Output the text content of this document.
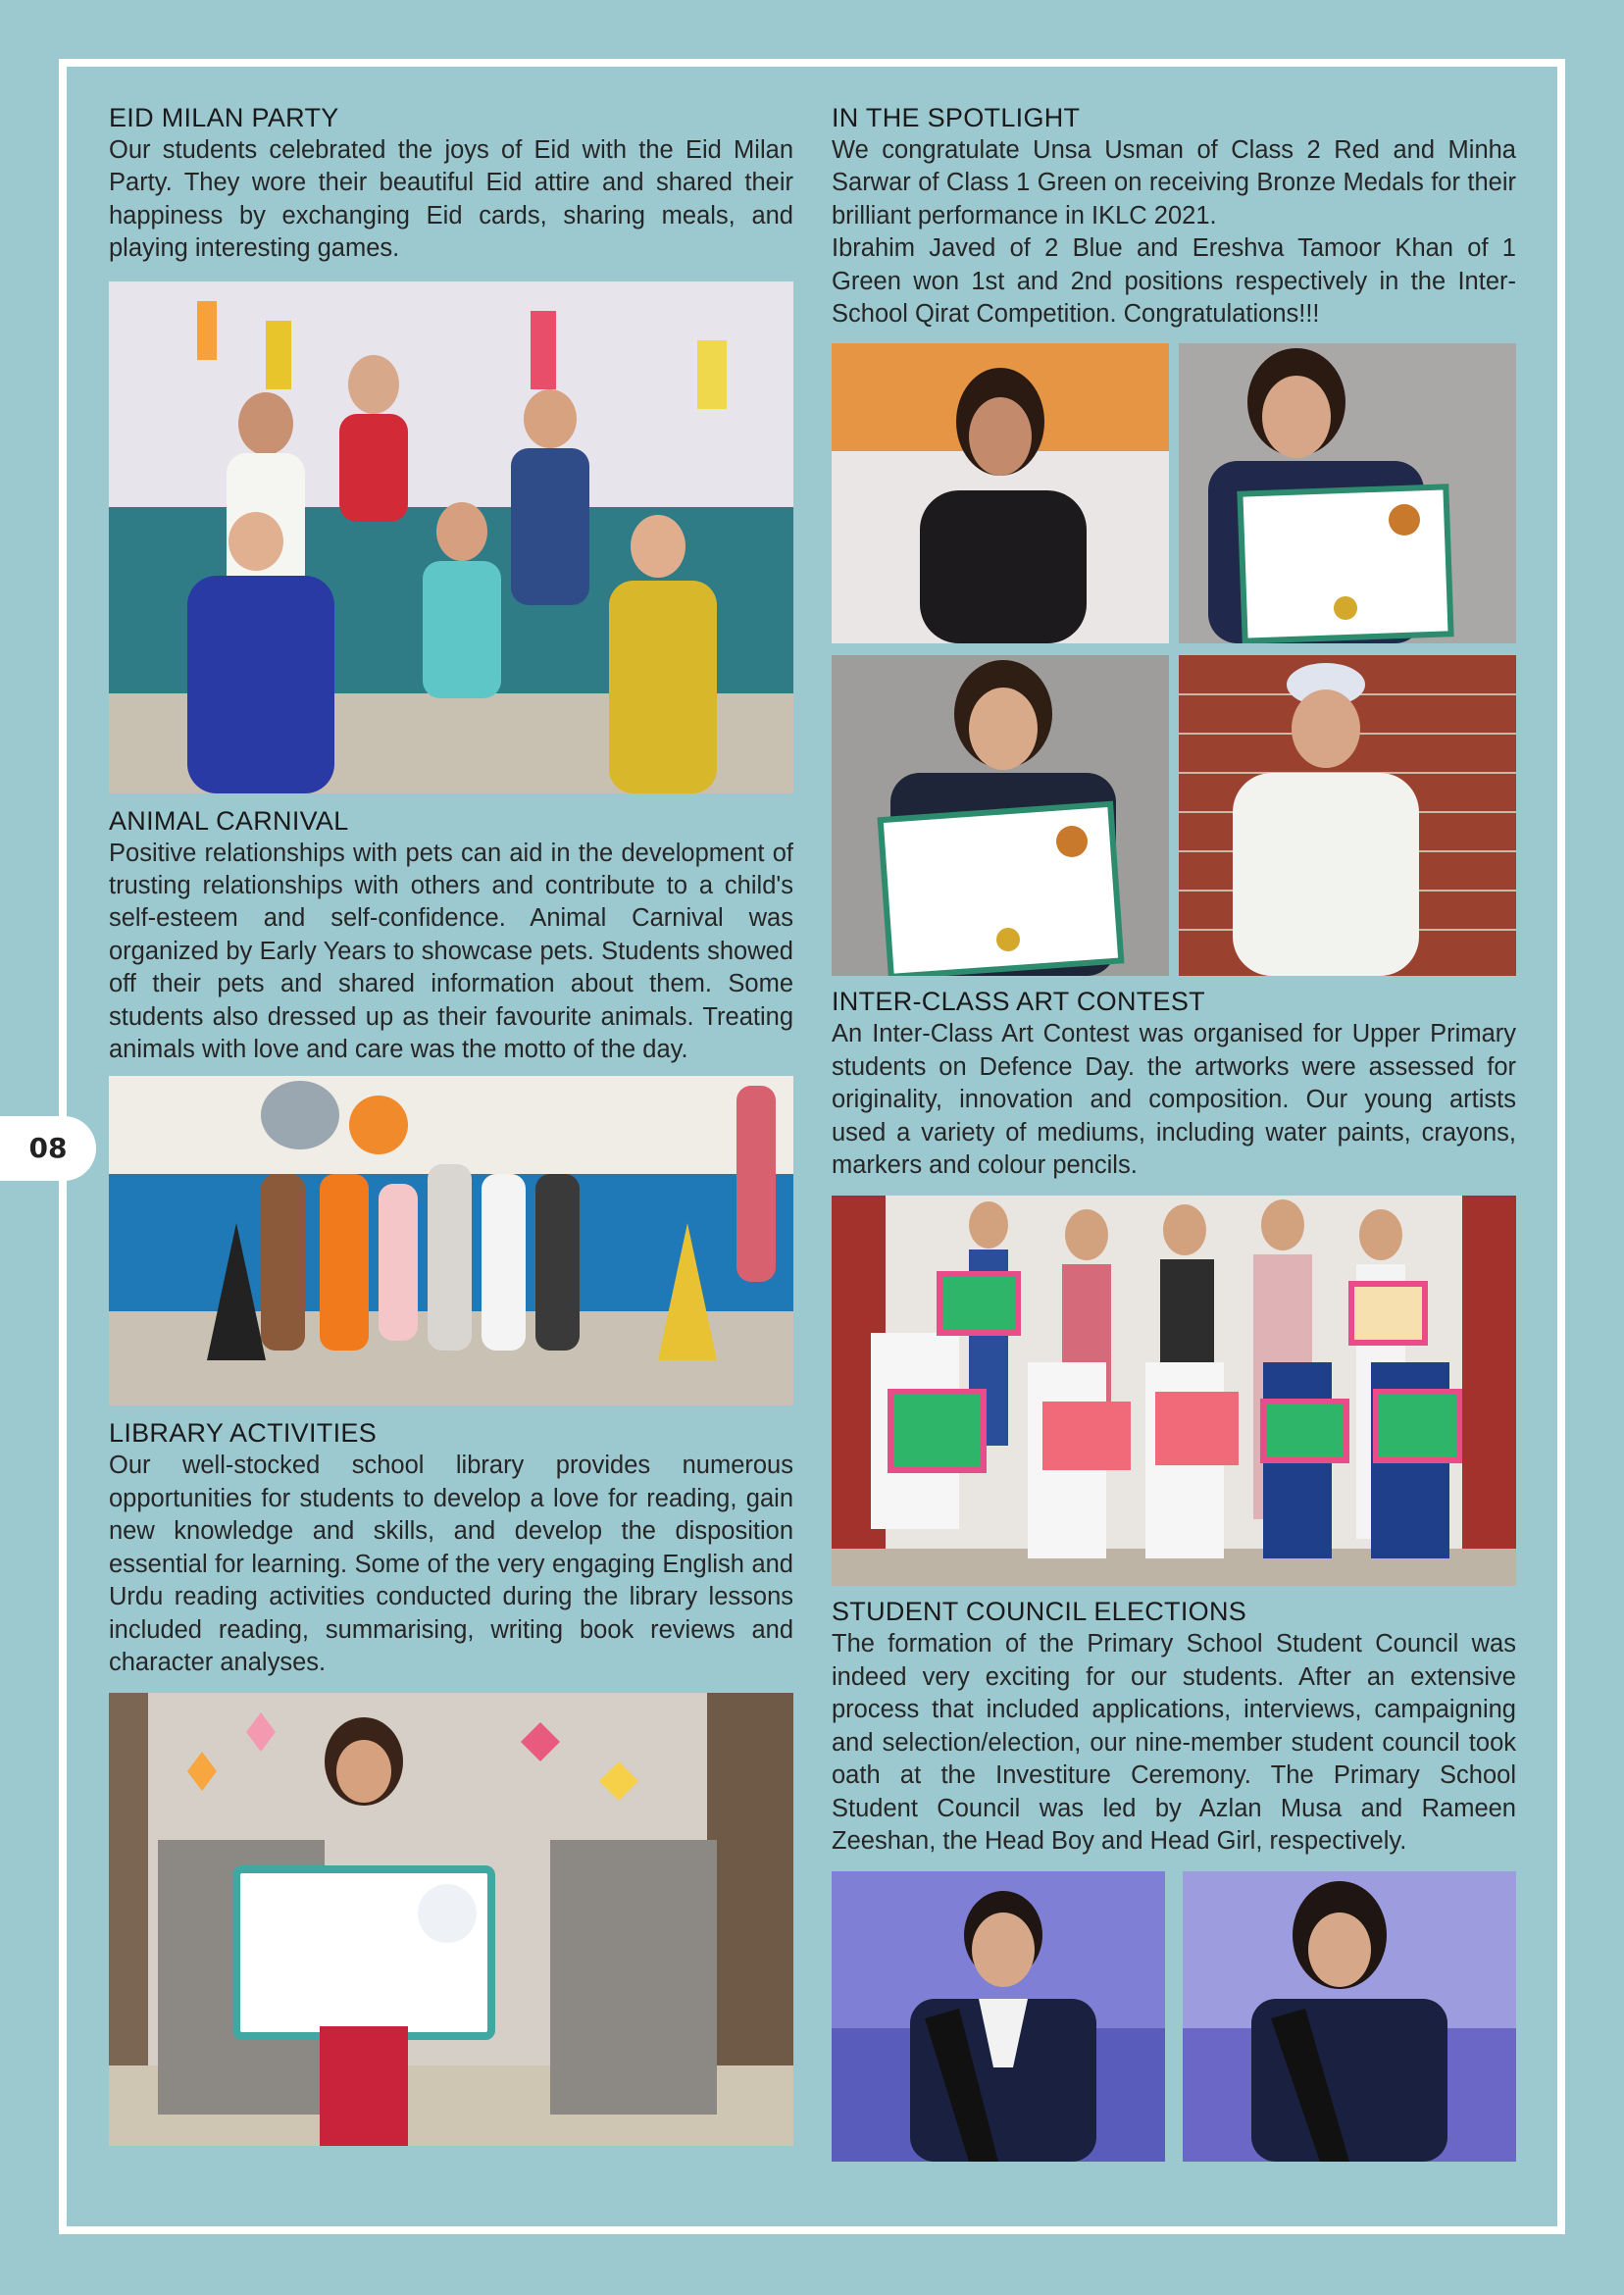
08
EID MILAN PARTY

Our students celebrated the joys of Eid with the Eid Milan Party. They wore their beautiful Eid attire and shared their happiness by exchanging Eid cards, sharing meals, and playing interesting games.

ANIMAL CARNIVAL

Positive relationships with pets can aid in the development of trusting relationships with others and contribute to a child's self-esteem and self-confidence. Animal Carnival was organized by Early Years to showcase pets. Students showed off their pets and shared information about them. Some students also dressed up as their favourite animals. Treating animals with love and care was the motto of the day.

LIBRARY ACTIVITIES

Our well-stocked school library provides numerous opportunities for students to develop a love for reading, gain new knowledge and skills, and develop the disposition essential for learning. Some of the very engaging English and Urdu reading activities conducted during the library lessons included reading, summarising, writing book reviews and character analyses.

IN THE SPOTLIGHT

We congratulate Unsa Usman of Class 2 Red and Minha Sarwar of Class 1 Green on receiving Bronze Medals for their brilliant performance in IKLC 2021.

Ibrahim Javed of 2 Blue and Ereshva Tamoor Khan of 1 Green won 1st and 2nd positions respectively in the Inter-School Qirat Competition. Congratulations!!!

INTER-CLASS ART CONTEST

An Inter-Class Art Contest was organised for Upper Primary students on Defence Day. the artworks were assessed for originality, innovation and composition. Our young artists used a variety of mediums, including water paints, crayons, markers and colour pencils.

STUDENT COUNCIL ELECTIONS

The formation of the Primary School Student Council was indeed very exciting for our students. After an extensive process that included applications, interviews, campaigning and selection/election, our nine-member student council took oath at the Investiture Ceremony. The Primary School Student Council was led by Azlan Musa and Rameen Zeeshan, the Head Boy and Head Girl, respectively.
